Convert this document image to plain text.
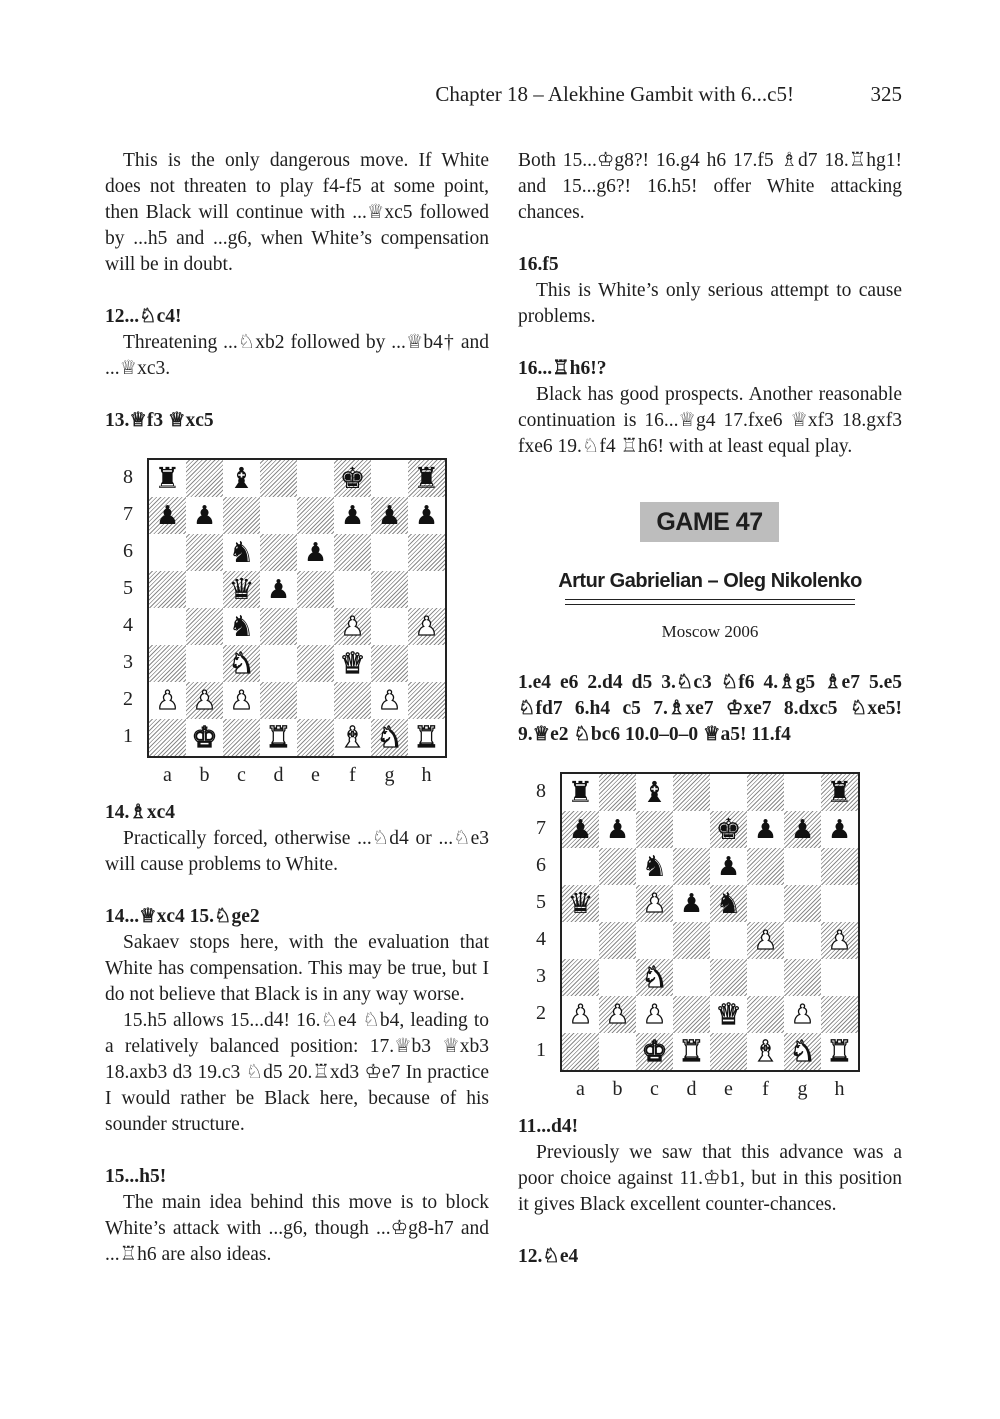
Chapter 18 – Alekhine Gambit with 6...c5!	325

This is the only dangerous move. If White does not threaten to play f4-f5 at some point, then Black will continue with ...♕xc5 followed by ...h5 and ...g6, when White’s compensation will be in doubt.

12...♘c4!

Threatening ...♘xb2 followed by ...♕b4† and ...♕xc3.

13.♕f3 ♕xc5

♜ ♝	♚ ♜
♟ ♟	♟ ♟ ♟
♞ ♟
♛ ♟
♞	♟ ♟
♞	♛
♟ ♟ ♟	♟
♚ ♜ ♝ ♞ ♜
8
7
6
5
4
3
2
1
a	b	c	d	e	f	g	h

14.♗xc4

Practically forced, otherwise ...♘d4 or ...♘e3 will cause problems to White.

14...♕xc4 15.♘ge2

Sakaev stops here, with the evaluation that White has compensation. This may be true, but I do not believe that Black is in any way worse.

15.h5 allows 15...d4! 16.♘e4 ♘b4, leading to a relatively balanced position: 17.♕b3 ♕xb3 18.axb3 d3 19.c3 ♘d5 20.♖xd3 ♔e7 In practice I would rather be Black here, because of his sounder structure.

15...h5!

The main idea behind this move is to block White’s attack with ...g6, though ...♔g8-h7 and ...♖h6 are also ideas.

Both 15...♔g8?! 16.g4 h6 17.f5 ♗d7 18.♖hg1! and 15...g6?! 16.h5! offer White attacking chances.

16.f5

This is White’s only serious attempt to cause problems.

16...♖h6!?

Black has good prospects. Another reasonable continuation is 16...♕g4 17.fxe6 ♕xf3 18.gxf3 fxe6 19.♘f4 ♖h6! with at least equal play.

GAME 47
Artur Gabrielian – Oleg Nikolenko
Moscow 2006

1.e4 e6 2.d4 d5 3.♘c3 ♘f6 4.♗g5 ♗e7 5.e5 ♘fd7 6.h4 c5 7.♗xe7 ♔xe7 8.dxc5 ♘xe5! 9.♕e2 ♘bc6 10.0–0–0 ♕a5! 11.f4

♜ ♝	♜
♟ ♟	♚ ♟ ♟ ♟
♞ ♟
♛ ♟ ♟ ♞
♟ ♟
♞
♟ ♟ ♟ ♛ ♟
♚ ♜ ♝ ♞ ♜
8
7
6
5
4
3
2
1
a	b	c	d	e	f	g	h

11...d4!

Previously we saw that this advance was a poor choice against 11.♔b1, but in this position it gives Black excellent counter-chances.

12.♘e4
